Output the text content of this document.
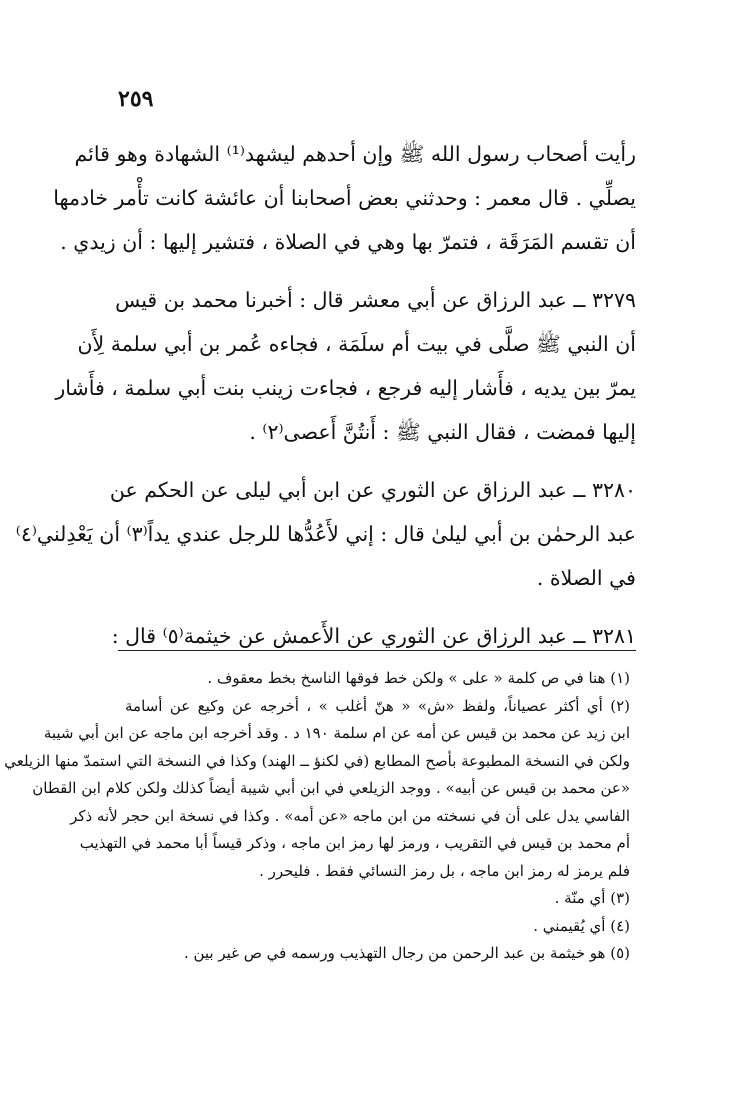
٢٥٩
رأيت أصحاب رسول الله ﷺ وإن أحدهم ليشهد⁽¹⁾ الشهادة وهو قائم
يصلِّي . قال معمر : وحدثني بعض أصحابنا أن عائشة كانت تأْمر خادمها
أن تقسم المَرَقَة ، فتمرّ بها وهي في الصلاة ، فتشير إليها : أن زيدي .
٣٢٧٩ ــ عبد الرزاق عن أبي معشر قال : أخبرنا محمد بن قيس
أن النبي ﷺ صلَّى في بيت أم سلَمَة ، فجاءه عُمر بن أبي سلمة لِأَن
يمرّ بين يديه ، فأَشار إليه فرجع ، فجاءت زينب بنت أبي سلمة ، فأَشار
إليها فمضت ، فقال النبي ﷺ : أَنتُنَّ أَعصى⁽٢⁾ .
٣٢٨٠ ــ عبد الرزاق عن الثوري عن ابن أبي ليلى عن الحكم عن
عبد الرحمٰن بن أبي ليلىٰ قال : إني لأَعُدُّها للرجل عندي يداً⁽٣⁾ أن يَعْدِلني⁽٤⁾
في الصلاة .
٣٢٨١ ــ عبد الرزاق عن الثوري عن الأَعمش عن خيثمة⁽٥⁾ قال :
(١) هنا في ص كلمة « على » ولكن خط فوقها الناسخ بخط معقوف .
(٢) أي أكثر عصياناً، ولفظ «ش» « هنّ أغلب » ، أخرجه عن وكيع عن أسامة
ابن زيد عن محمد بن قيس عن أمه عن ام سلمة ١٩٠ د . وقد أخرجه ابن ماجه عن ابن أبي شيبة
ولكن في النسخة المطبوعة بأصح المطابع (في لكنؤ ــ الهند) وكذا في النسخة التي استمدّ منها الزيلعي
«عن محمد بن قيس عن أبيه» . ووجد الزيلعي في ابن أبي شيبة أيضاً كذلك ولكن كلام ابن القطان
الفاسي يدل على أن في نسخته من ابن ماجه «عن أمه» . وكذا في نسخة ابن حجر لأنه ذكر
أم محمد بن قيس في التقريب ، ورمز لها رمز ابن ماجه ، وذكر قيساً أبا محمد في التهذيب
فلم يرمز له رمز ابن ماجه ، بل رمز النسائي فقط . فليحرر .
(٣) أي منّة .
(٤) أي يُقيمني .
(٥) هو خيثمة بن عبد الرحمن من رجال التهذيب ورسمه في ص غير بين .
